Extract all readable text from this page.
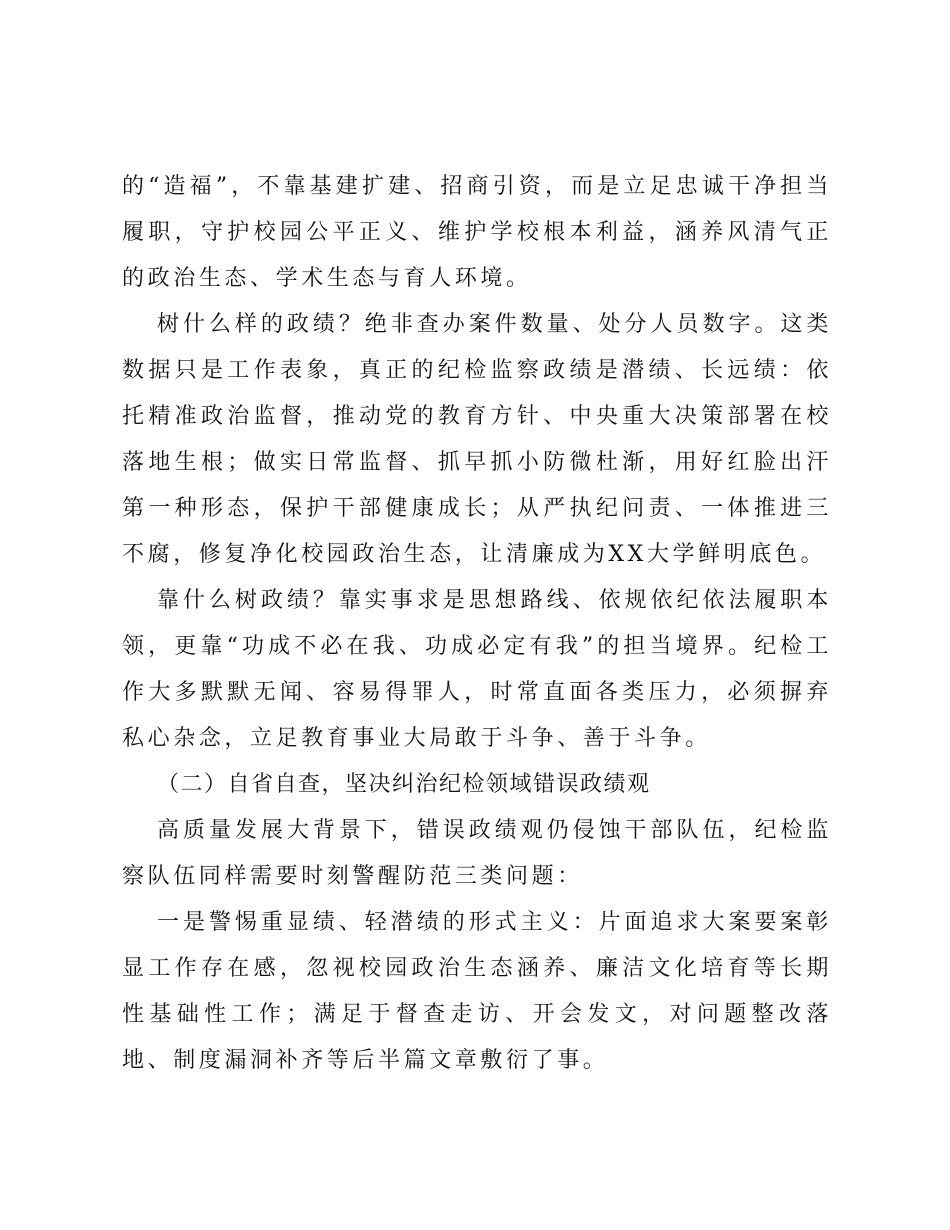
的“造福”，不靠基建扩建、招商引资，而是立足忠诚干净担当履职，守护校园公平正义、维护学校根本利益，涵养风清气正的政治生态、学术生态与育人环境。

树什么样的政绩？绝非查办案件数量、处分人员数字。这类数据只是工作表象，真正的纪检监察政绩是潜绩、长远绩：依托精准政治监督，推动党的教育方针、中央重大决策部署在校落地生根；做实日常监督、抓早抓小防微杜渐，用好红脸出汗第一种形态，保护干部健康成长；从严执纪问责、一体推进三不腐，修复净化校园政治生态，让清廉成为XX大学鲜明底色。

靠什么树政绩？靠实事求是思想路线、依规依纪依法履职本领，更靠“功成不必在我、功成必定有我”的担当境界。纪检工作大多默默无闻、容易得罪人，时常直面各类压力，必须摒弃私心杂念，立足教育事业大局敢于斗争、善于斗争。

（二）自省自查，坚决纠治纪检领域错误政绩观

高质量发展大背景下，错误政绩观仍侵蚀干部队伍，纪检监察队伍同样需要时刻警醒防范三类问题：

一是警惕重显绩、轻潜绩的形式主义：片面追求大案要案彰显工作存在感，忽视校园政治生态涵养、廉洁文化培育等长期性基础性工作；满足于督查走访、开会发文，对问题整改落地、制度漏洞补齐等后半篇文章敷衍了事。
